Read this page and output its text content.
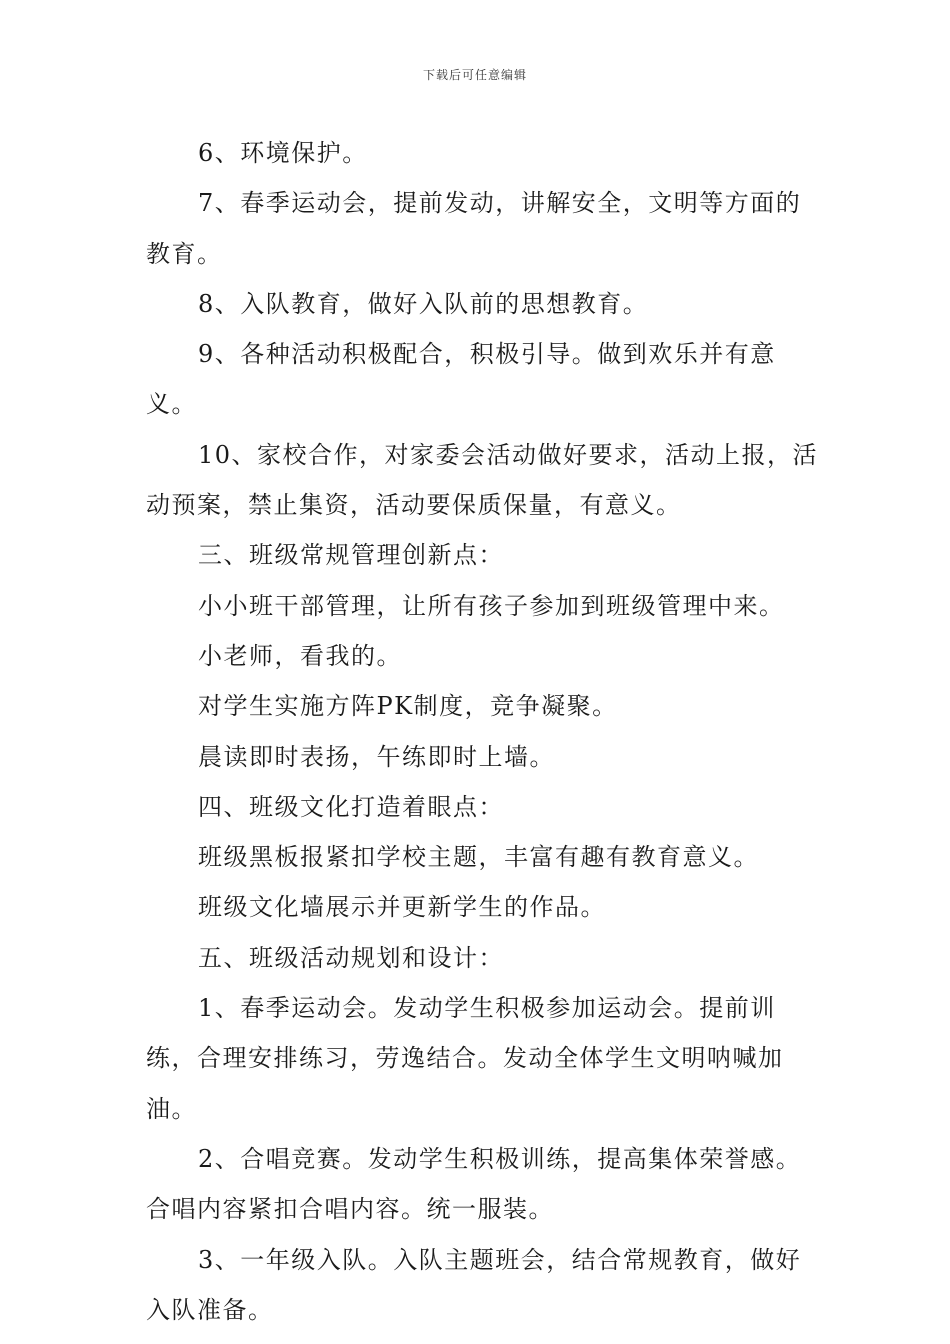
下载后可任意编辑

6、环境保护。

7、春季运动会，提前发动，讲解安全，文明等方面的教育。

8、入队教育，做好入队前的思想教育。

9、各种活动积极配合，积极引导。做到欢乐并有意义。

10、家校合作，对家委会活动做好要求，活动上报，活动预案，禁止集资，活动要保质保量，有意义。

三、班级常规管理创新点：

小小班干部管理，让所有孩子参加到班级管理中来。

小老师，看我的。

对学生实施方阵PK制度，竞争凝聚。

晨读即时表扬，午练即时上墙。

四、班级文化打造着眼点：

班级黑板报紧扣学校主题，丰富有趣有教育意义。

班级文化墙展示并更新学生的作品。

五、班级活动规划和设计：

1、春季运动会。发动学生积极参加运动会。提前训练，合理安排练习，劳逸结合。发动全体学生文明呐喊加油。

2、合唱竞赛。发动学生积极训练，提高集体荣誉感。合唱内容紧扣合唱内容。统一服装。

3、一年级入队。入队主题班会，结合常规教育，做好入队准备。
